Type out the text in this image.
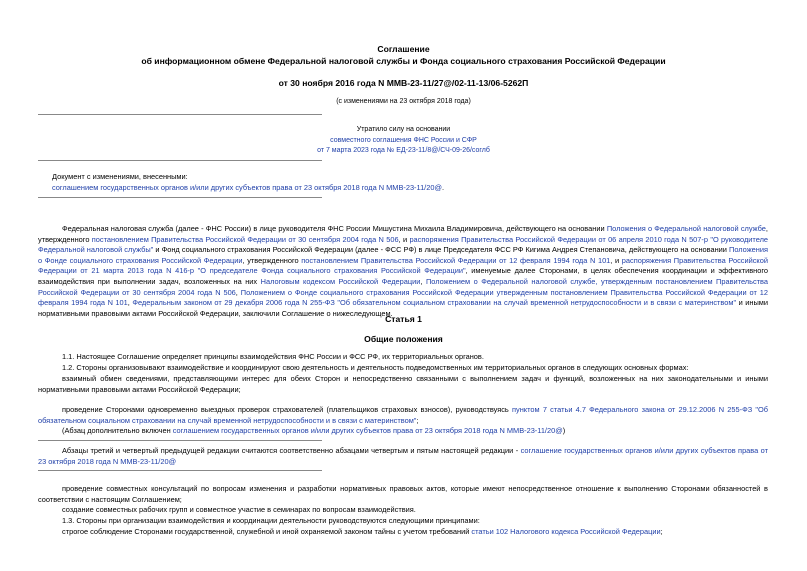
Соглашение
об информационном обмене Федеральной налоговой службы и Фонда социального страхования Российской Федерации
от 30 ноября 2016 года N ММВ-23-11/27@/02-11-13/06-5262П
(с изменениями на 23 октября 2018 года)
Утратило силу на основании
совместного соглашения ФНС России и СФР
от 7 марта 2023 года № ЕД-23-11/8@/СЧ-09-26/соглб
Документ с изменениями, внесенными:
соглашением государственных органов и/или других субъектов права от 23 октября 2018 года N ММВ-23-11/20@.
Федеральная налоговая служба (далее - ФНС России) в лице руководителя ФНС России Мишустина Михаила Владимировича, действующего на основании Положения о Федеральной налоговой службе, утвержденного постановлением Правительства Российской Федерации от 30 сентября 2004 года N 506, и распоряжения Правительства Российской Федерации от 06 апреля 2010 года N 507-р "О руководителе Федеральной налоговой службы" и Фонд социального страхования Российской Федерации (далее - ФСС РФ) в лице Председателя ФСС РФ Кигима Андрея Степановича, действующего на основании Положения о Фонде социального страхования Российской Федерации, утвержденного постановлением Правительства Российской Федерации от 12 февраля 1994 года N 101, и распоряжения Правительства Российской Федерации от 21 марта 2013 года N 416-р "О председателе Фонда социального страхования Российской Федерации", именуемые далее Сторонами, в целях обеспечения координации и эффективного взаимодействия при выполнении задач, возложенных на них Налоговым кодексом Российской Федерации, Положением о Федеральной налоговой службе, утвержденным постановлением Правительства Российской Федерации от 30 сентября 2004 года N 506, Положением о Фонде социального страхования Российской Федерации утвержденным постановлением Правительства Российской Федерации от 12 февраля 1994 года N 101, Федеральным законом от 29 декабря 2006 года N 255-ФЗ "Об обязательном социальном страховании на случай временной нетрудоспособности и в связи с материнством" и иными нормативными правовыми актами Российской Федерации, заключили Соглашение о нижеследующем.
Статья 1
Общие положения
1.1. Настоящее Соглашение определяет принципы взаимодействия ФНС России и ФСС РФ, их территориальных органов.
1.2. Стороны организовывают взаимодействие и координируют свою деятельность и деятельность подведомственных им территориальных органов в следующих основных формах:
взаимный обмен сведениями, представляющими интерес для обеих Сторон и непосредственно связанными с выполнением задач и функций, возложенных на них законодательными и иными нормативными правовыми актами Российской Федерации;
проведение Сторонами одновременно выездных проверок страхователей (плательщиков страховых взносов), руководствуясь пунктом 7 статьи 4.7 Федерального закона от 29.12.2006 N 255-ФЗ "Об обязательном социальном страховании на случай временной нетрудоспособности и в связи с материнством";
(Абзац дополнительно включен соглашением государственных органов и/или других субъектов права от 23 октября 2018 года N ММВ-23-11/20@)
Абзацы третий и четвертый предыдущей редакции считаются соответственно абзацами четвертым и пятым настоящей редакции - соглашение государственных органов и/или других субъектов права от 23 октября 2018 года N ММВ-23-11/20@
проведение совместных консультаций по вопросам изменения и разработки нормативных правовых актов, которые имеют непосредственное отношение к выполнению Сторонами обязанностей в соответствии с настоящим Соглашением;
создание совместных рабочих групп и совместное участие в семинарах по вопросам взаимодействия.
1.3. Стороны при организации взаимодействия и координации деятельности руководствуются следующими принципами:
строгое соблюдение Сторонами государственной, служебной и иной охраняемой законом тайны с учетом требований статьи 102 Налогового кодекса Российской Федерации;
